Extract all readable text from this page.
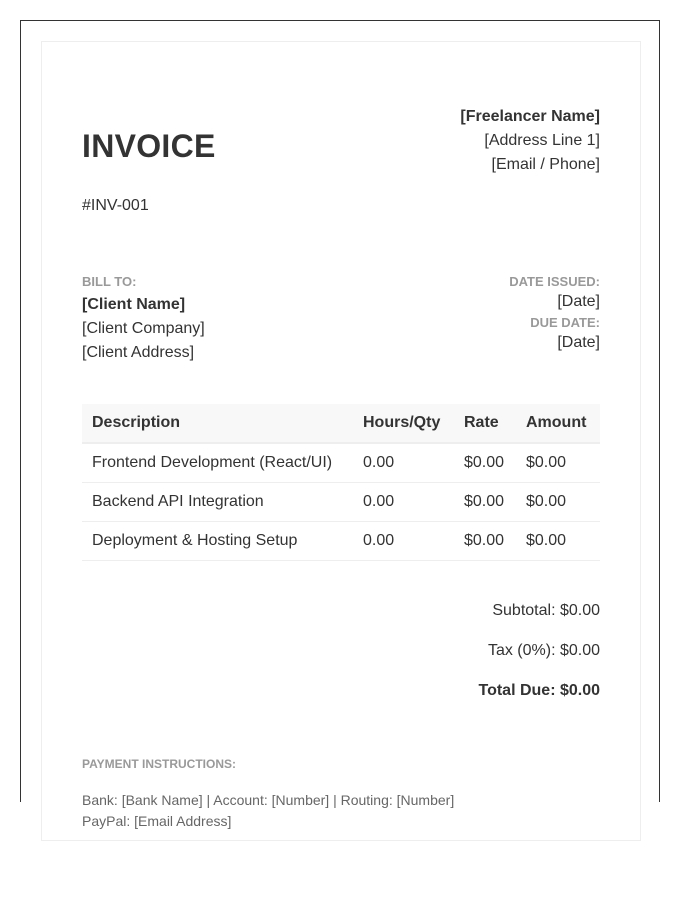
INVOICE
#INV-001
[Freelancer Name]
[Address Line 1]
[Email / Phone]
BILL TO:
[Client Name]
[Client Company]
[Client Address]
DATE ISSUED:
[Date]
DUE DATE:
[Date]
Description	Hours/Qty	Rate	Amount
Frontend Development (React/UI)	0.00	$0.00	$0.00
Backend API Integration	0.00	$0.00	$0.00
Deployment & Hosting Setup	0.00	$0.00	$0.00
Subtotal: $0.00
Tax (0%): $0.00
Total Due: $0.00
PAYMENT INSTRUCTIONS:
Bank: [Bank Name] | Account: [Number] | Routing: [Number]
PayPal: [Email Address]
